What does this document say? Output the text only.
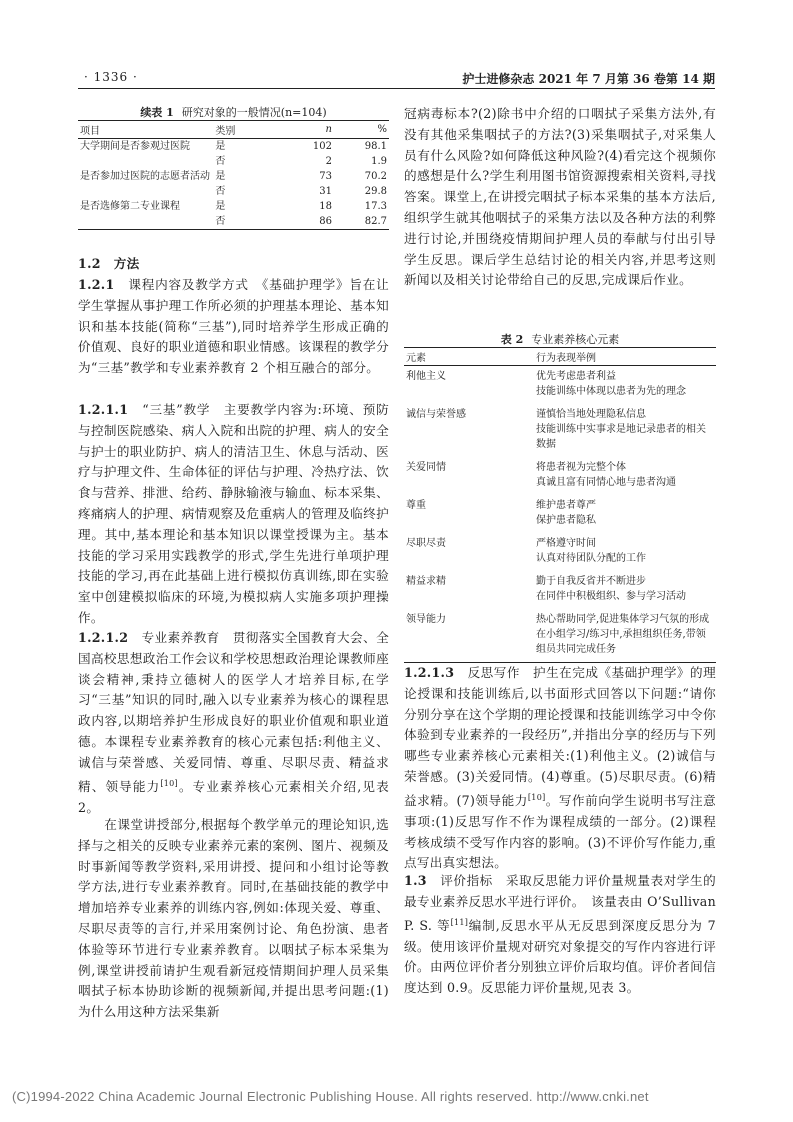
· 1336 ·	护士进修杂志 2021 年 7 月第 36 卷第 14 期
续表 1 研究对象的一般情况(n=104)
项目	类别	n	%
大学期间是否参观过医院	是	102	98.1
	否	2	1.9
是否参加过医院的志愿者活动	是	73	70.2
	否	31	29.8
是否选修第二专业课程	是	18	17.3
	否	86	82.7

1.2　方法

1.2.1　课程内容及教学方式　《基础护理学》旨在让学生掌握从事护理工作所必须的护理基本理论、基本知识和基本技能(简称“三基”),同时培养学生形成正确的价值观、良好的职业道德和职业情感。该课程的教学分为“三基”教学和专业素养教育 2 个相互融合的部分。

1.2.1.1　“三基”教学　主要教学内容为:环境、预防与控制医院感染、病人入院和出院的护理、病人的安全与护士的职业防护、病人的清洁卫生、休息与活动、医疗与护理文件、生命体征的评估与护理、冷热疗法、饮食与营养、排泄、给药、静脉输液与输血、标本采集、疼痛病人的护理、病情观察及危重病人的管理及临终护理。其中,基本理论和基本知识以课堂授课为主。基本技能的学习采用实践教学的形式,学生先进行单项护理技能的学习,再在此基础上进行模拟仿真训练,即在实验室中创建模拟临床的环境,为模拟病人实施多项护理操作。

1.2.1.2　专业素养教育　贯彻落实全国教育大会、全国高校思想政治工作会议和学校思想政治理论课教师座谈会精神,秉持立德树人的医学人才培养目标,在学习“三基”知识的同时,融入以专业素养为核心的课程思政内容,以期培养护生形成良好的职业价值观和职业道德。本课程专业素养教育的核心元素包括:利他主义、诚信与荣誉感、关爱同情、尊重、尽职尽责、精益求精、领导能力[10]。专业素养核心元素相关介绍,见表 2。

　　在课堂讲授部分,根据每个教学单元的理论知识,选择与之相关的反映专业素养元素的案例、图片、视频及时事新闻等教学资料,采用讲授、提问和小组讨论等教学方法,进行专业素养教育。同时,在基础技能的教学中增加培养专业素养的训练内容,例如:体现关爱、尊重、尽职尽责等的言行,并采用案例讨论、角色扮演、患者体验等环节进行专业素养教育。以咽拭子标本采集为例,课堂讲授前请护生观看新冠疫情期间护理人员采集咽拭子标本协助诊断的视频新闻,并提出思考问题:(1)为什么用这种方法采集新

冠病毒标本?(2)除书中介绍的口咽拭子采集方法外,有没有其他采集咽拭子的方法?(3)采集咽拭子,对采集人员有什么风险?如何降低这种风险?(4)看完这个视频你的感想是什么?学生利用图书馆资源搜索相关资料,寻找答案。课堂上,在讲授完咽拭子标本采集的基本方法后,组织学生就其他咽拭子的采集方法以及各种方法的利弊进行讨论,并围绕疫情期间护理人员的奉献与付出引导学生反思。课后学生总结讨论的相关内容,并思考这则新闻以及相关讨论带给自己的反思,完成课后作业。

表 2 专业素养核心元素
元素	行为表现举例
利他主义	优先考虑患者利益
技能训练中体现以患者为先的理念

诚信与荣誉感	谨慎恰当地处理隐私信息
技能训练中实事求是地记录患者的相关数据

关爱同情	将患者视为完整个体
真诚且富有同情心地与患者沟通

尊重	维护患者尊严
保护患者隐私

尽职尽责	严格遵守时间
认真对待团队分配的工作

精益求精	勤于自我反省并不断进步
在同伴中积极组织、参与学习活动

领导能力	热心帮助同学,促进集体学习气氛的形成
在小组学习/练习中,承担组织任务,带领组员共同完成任务

1.2.1.3　反思写作　护生在完成《基础护理学》的理论授课和技能训练后,以书面形式回答以下问题:“请你分别分享在这个学期的理论授课和技能训练学习中令你体验到专业素养的一段经历”,并指出分享的经历与下列哪些专业素养核心元素相关:(1)利他主义。(2)诚信与荣誉感。(3)关爱同情。(4)尊重。(5)尽职尽责。(6)精益求精。(7)领导能力[10]。写作前向学生说明书写注意事项:(1)反思写作不作为课程成绩的一部分。(2)课程考核成绩不受写作内容的影响。(3)不评价写作能力,重点写出真实想法。

1.3　评价指标　采取反思能力评价量规量表对学生的最专业素养反思水平进行评价。　该量表由 O’Sullivan P. S. 等[11]编制,反思水平从无反思到深度反思分为 7 级。使用该评价量规对研究对象提交的写作内容进行评价。由两位评价者分别独立评价后取均值。评价者间信度达到 0.9。反思能力评价量规,见表 3。

(C)1994-2022 China Academic Journal Electronic Publishing House. All rights reserved. http://www.cnki.net
